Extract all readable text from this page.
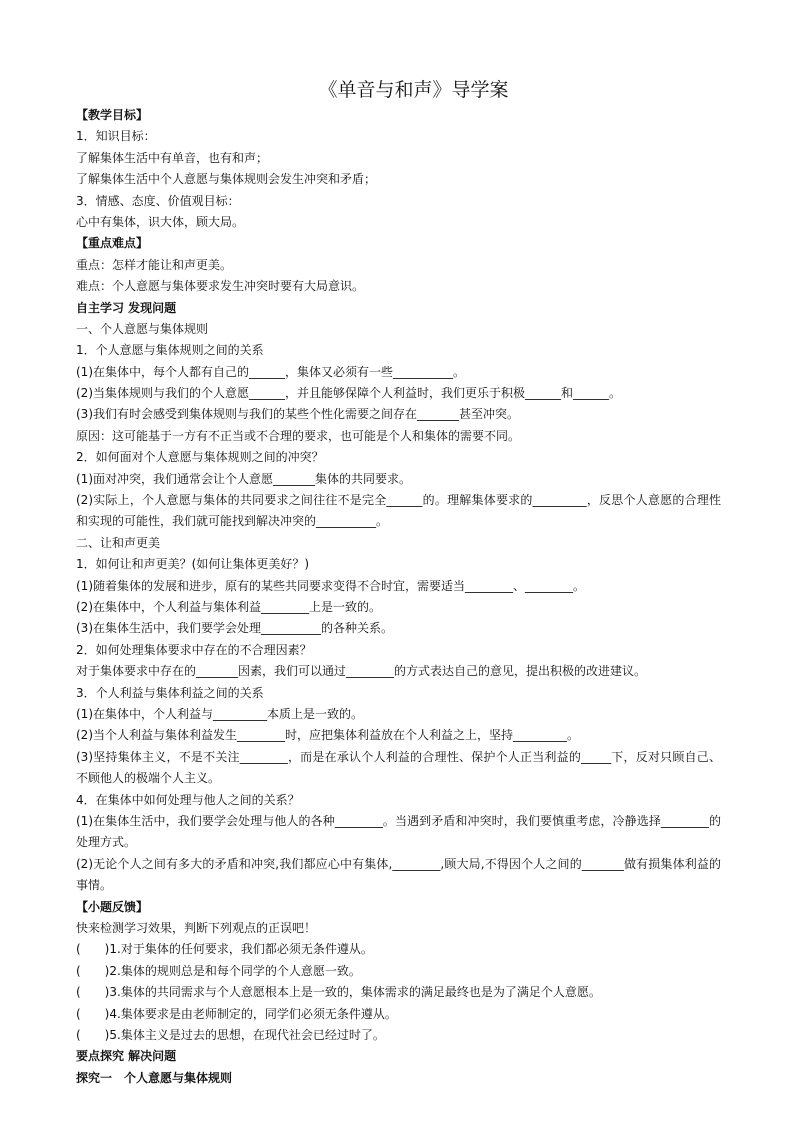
《单音与和声》导学案
【教学目标】
1．知识目标：
了解集体生活中有单音，也有和声；
了解集体生活中个人意愿与集体规则会发生冲突和矛盾；
3．情感、态度、价值观目标：
心中有集体，识大体，顾大局。
【重点难点】
重点：怎样才能让和声更美。
难点：个人意愿与集体要求发生冲突时要有大局意识。
自主学习 发现问题
一、个人意愿与集体规则
1．个人意愿与集体规则之间的关系
(1)在集体中，每个人都有自己的______，集体又必须有一些__________。
(2)当集体规则与我们的个人意愿______，并且能够保障个人利益时，我们更乐于积极______和______。
(3)我们有时会感受到集体规则与我们的某些个性化需要之间存在_______甚至冲突。
原因：这可能基于一方有不正当或不合理的要求，也可能是个人和集体的需要不同。
2．如何面对个人意愿与集体规则之间的冲突？
(1)面对冲突，我们通常会让个人意愿_______集体的共同要求。
(2)实际上，个人意愿与集体的共同要求之间往往不是完全______的。理解集体要求的_________，反思个人意愿的合理性和实现的可能性，我们就可能找到解决冲突的__________。
二、让和声更美
1．如何让和声更美？(如何让集体更美好？)
(1)随着集体的发展和进步，原有的某些共同要求变得不合时宜，需要适当________、________。
(2)在集体中，个人利益与集体利益________上是一致的。
(3)在集体生活中，我们要学会处理__________的各种关系。
2．如何处理集体要求中存在的不合理因素？
对于集体要求中存在的_______因素，我们可以通过________的方式表达自己的意见，提出积极的改进建议。
3．个人利益与集体利益之间的关系
(1)在集体中，个人利益与_________本质上是一致的。
(2)当个人利益与集体利益发生________时，应把集体利益放在个人利益之上，坚持_________。
(3)坚持集体主义，不是不关注________，而是在承认个人利益的合理性、保护个人正当利益的_____下，反对只顾自己、不顾他人的极端个人主义。
4．在集体中如何处理与他人之间的关系？
(1)在集体生活中，我们要学会处理与他人的各种________。当遇到矛盾和冲突时，我们要慎重考虑，冷静选择________的处理方式。
(2)无论个人之间有多大的矛盾和冲突,我们都应心中有集体,________,顾大局,不得因个人之间的_______做有损集体利益的事情。
【小题反馈】
快来检测学习效果，判断下列观点的正误吧！
(　　)1.对于集体的任何要求，我们都必须无条件遵从。
(　　)2.集体的规则总是和每个同学的个人意愿一致。
(　　)3.集体的共同需求与个人意愿根本上是一致的，集体需求的满足最终也是为了满足个人意愿。
(　　)4.集体要求是由老师制定的，同学们必须无条件遵从。
(　　)5.集体主义是过去的思想，在现代社会已经过时了。
要点探究 解决问题
探究一　个人意愿与集体规则
